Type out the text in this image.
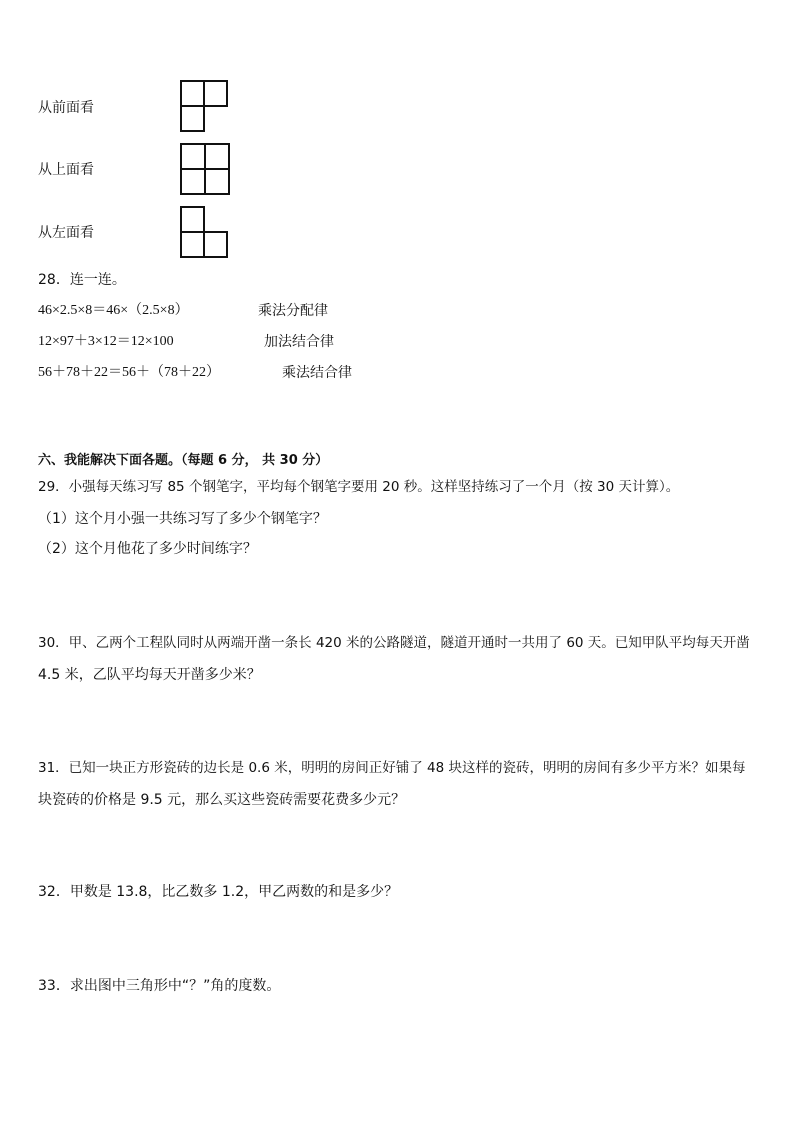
从前面看
从上面看
从左面看
28．连一连。
46×2.5×8＝46×（2.5×8）
12×97＋3×12＝12×100
56＋78＋22＝56＋（78＋22）
乘法分配律
加法结合律
乘法结合律
六、我能解决下面各题。（每题 6 分， 共 30 分）
29．小强每天练习写 85 个钢笔字，平均每个钢笔字要用 20 秒。这样坚持练习了一个月（按 30 天计算）。
（1）这个月小强一共练习写了多少个钢笔字？
（2）这个月他花了多少时间练字？
30．甲、乙两个工程队同时从两端开凿一条长 420 米的公路隧道，隧道开通时一共用了 60 天。已知甲队平均每天开凿
4.5 米，乙队平均每天开凿多少米？
31．已知一块正方形瓷砖的边长是 0.6 米，明明的房间正好铺了 48 块这样的瓷砖，明明的房间有多少平方米？如果每
块瓷砖的价格是 9.5 元，那么买这些瓷砖需要花费多少元？
32．甲数是 13.8，比乙数多 1.2，甲乙两数的和是多少？
33．求出图中三角形中“？”角的度数。
